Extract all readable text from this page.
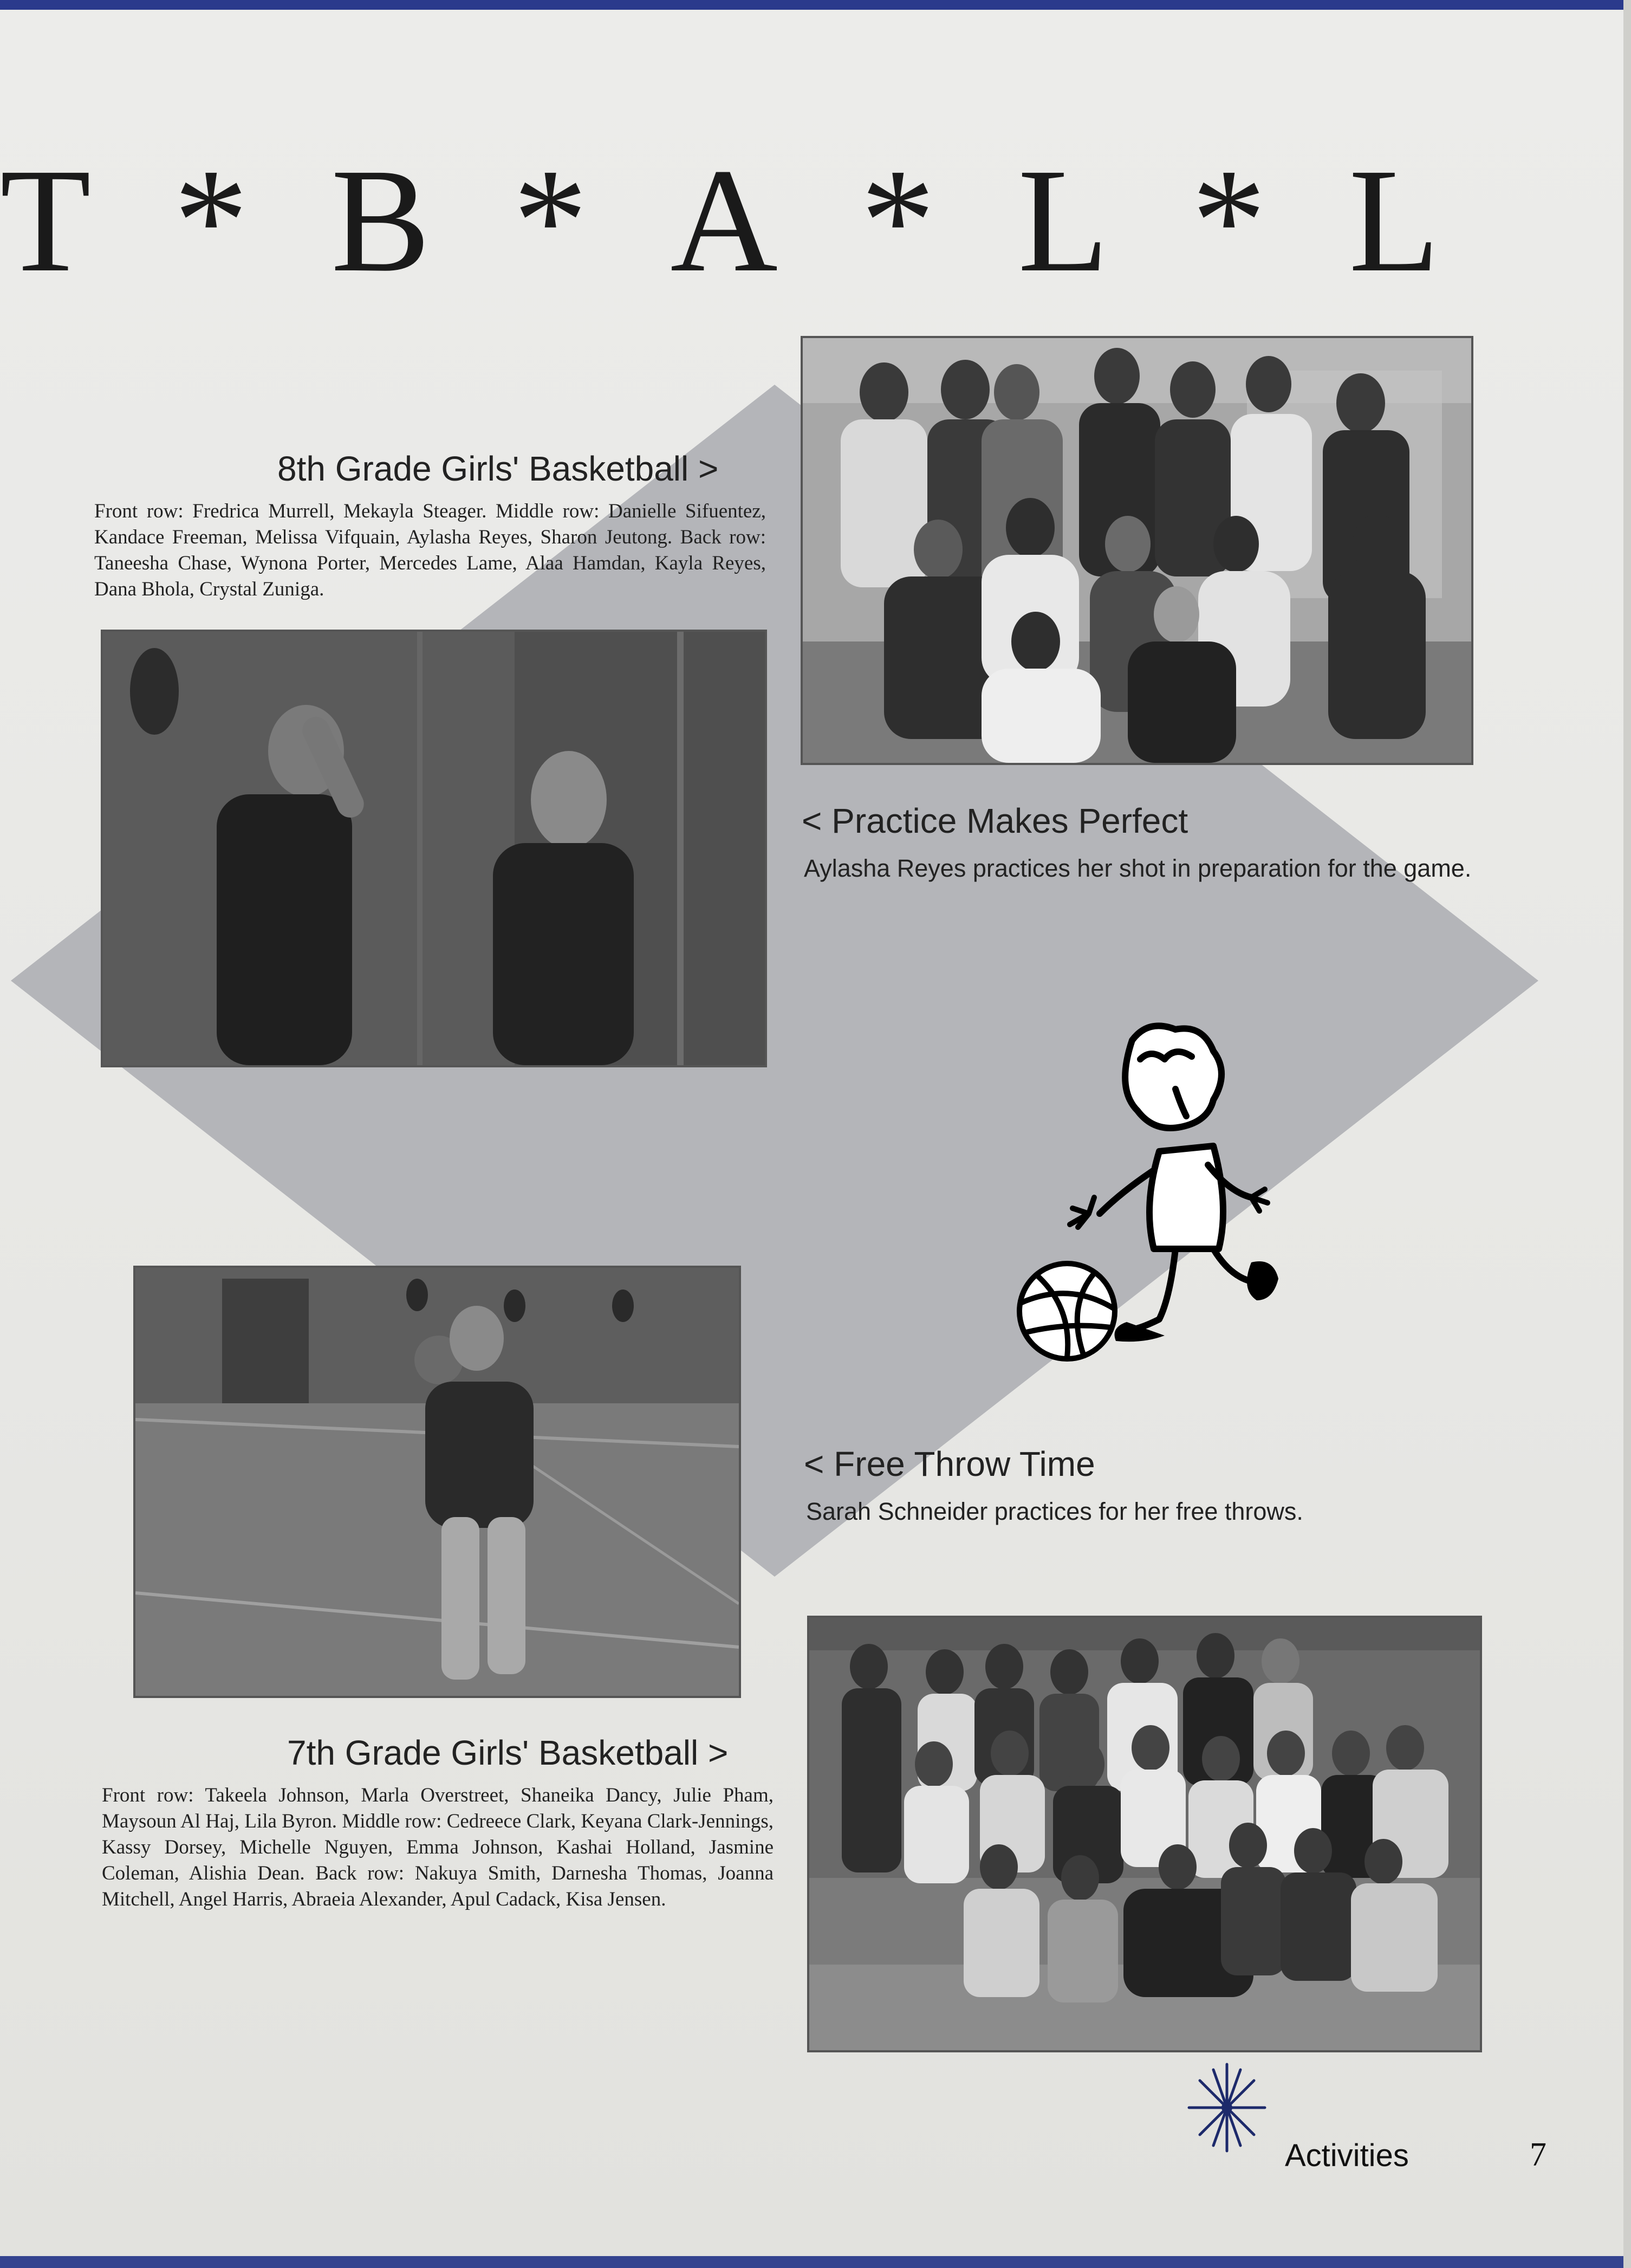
T * B * A * L * L
8th Grade Girls' Basketball >
Front row: Fredrica Murrell, Mekayla Steager. Middle row: Danielle Sifuentez, Kandace Freeman, Melissa Vifquain, Aylasha Reyes, Sharon Jeutong. Back row: Taneesha Chase, Wynona Porter, Mercedes Lame, Alaa Hamdan, Kayla Reyes, Dana Bhola, Crystal Zuniga.
< Practice Makes Perfect
Aylasha Reyes practices her shot in preparation for the game.
< Free Throw Time
Sarah Schneider practices for her free throws.
7th Grade Girls' Basketball >
Front row: Takeela Johnson, Marla Overstreet, Shaneika Dancy, Julie Pham, Maysoun Al Haj, Lila Byron. Middle row: Cedreece Clark, Keyana Clark-Jennings, Kassy Dorsey, Michelle Nguyen, Emma Johnson, Kashai Holland, Jasmine Coleman, Alishia Dean. Back row: Nakuya Smith, Darnesha Thomas, Joanna Mitchell, Angel Harris, Abraeia Alexander, Apul Cadack, Kisa Jensen.
Activities	7
